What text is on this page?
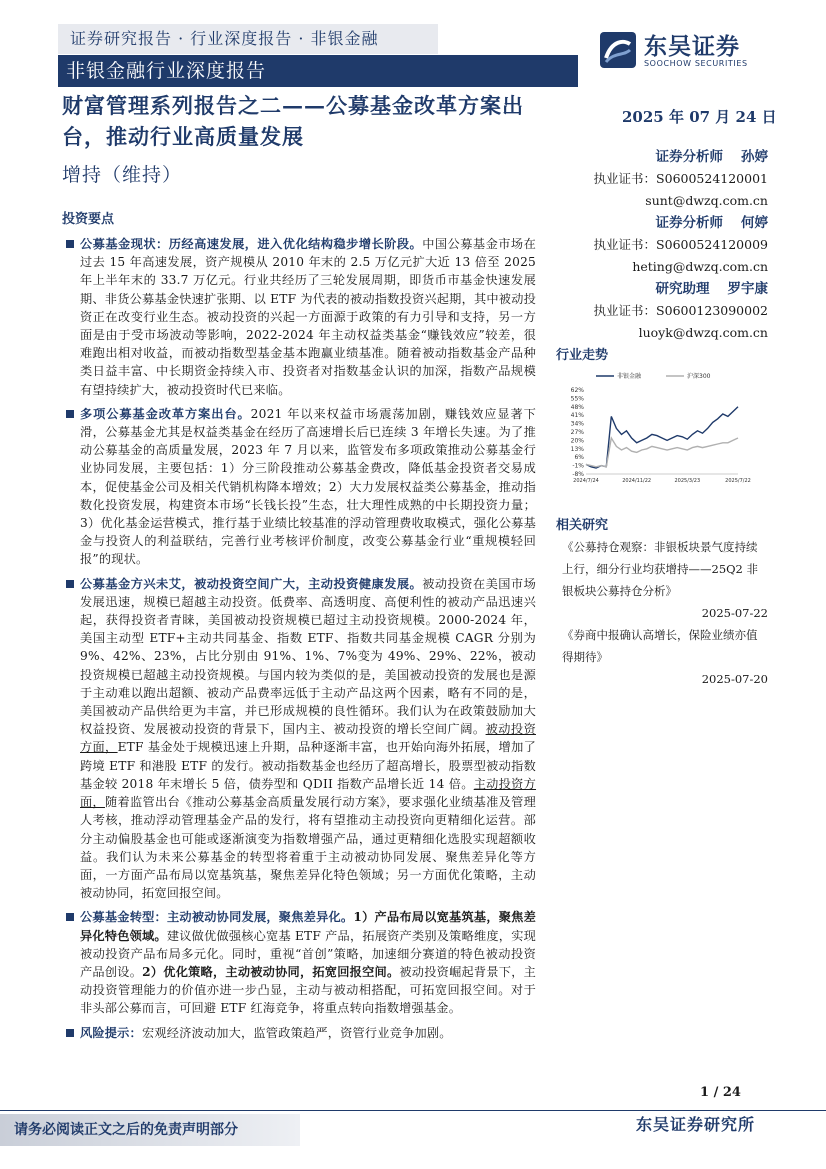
证券研究报告 · 行业深度报告 · 非银金融
非银金融行业深度报告
东吴证券
SOOCHOW SECURITIES
财富管理系列报告之二——公募基金改革方案出台，推动行业高质量发展
增持（维持）
2025 年 07 月 24 日
证券分析师 孙婷
执业证书：S0600524120001
sunt@dwzq.com.cn
证券分析师 何婷
执业证书：S0600524120009
heting@dwzq.com.cn
研究助理 罗宇康
执业证书：S0600123090002
luoyk@dwzq.com.cn
行业走势
62%
55%
48%
41%
34%
27%
20%
13%
6%
-1%
-8%
2024/7/24	2024/11/22	2025/3/23	2025/7/22
非银金融	沪深300
相关研究
《公募持仓观察：非银板块景气度持续上行，细分行业均获增持——25Q2 非银板块公募持仓分析》
2025-07-22
《券商中报确认高增长，保险业绩亦值得期待》
2025-07-20
投资要点
公募基金现状：历经高速发展，进入优化结构稳步增长阶段。中国公募基金市场在过去 15 年高速发展，资产规模从 2010 年末的 2.5 万亿元扩大近 13 倍至 2025 年上半年末的 33.7 万亿元。行业共经历了三轮发展周期，即货币市基金快速发展期、非货公募基金快速扩张期、以 ETF 为代表的被动指数投资兴起期，其中被动投资正在改变行业生态。被动投资的兴起一方面源于政策的有力引导和支持，另一方面是由于受市场波动等影响，2022-2024 年主动权益类基金“赚钱效应”较差，很难跑出相对收益，而被动指数型基金基本跑赢业绩基准。随着被动指数基金产品种类日益丰富、中长期资金持续入市、投资者对指数基金认识的加深，指数产品规模有望持续扩大，被动投资时代已来临。
多项公募基金改革方案出台。2021 年以来权益市场震荡加剧，赚钱效应显著下滑，公募基金尤其是权益类基金在经历了高速增长后已连续 3 年增长失速。为了推动公募基金的高质量发展，2023 年 7 月以来，监管发布多项政策推动公募基金行业协同发展，主要包括：1）分三阶段推动公募基金费改，降低基金投资者交易成本，促使基金公司及相关代销机构降本增效；2）大力发展权益类公募基金，推动指数化投资发展，构建资本市场“长钱长投”生态，壮大理性成熟的中长期投资力量；3）优化基金运营模式，推行基于业绩比较基准的浮动管理费收取模式，强化公募基金与投资人的利益联结，完善行业考核评价制度，改变公募基金行业“重规模轻回报”的现状。
公募基金方兴未艾，被动投资空间广大，主动投资健康发展。被动投资在美国市场发展迅速，规模已超越主动投资。低费率、高透明度、高便利性的被动产品迅速兴起，获得投资者青睐，美国被动投资规模已超过主动投资规模。2000-2024 年，美国主动型 ETF+主动共同基金、指数 ETF、指数共同基金规模 CAGR 分别为 9%、42%、23%，占比分别由 91%、1%、7%变为 49%、29%、22%，被动投资规模已超越主动投资规模。与国内较为类似的是，美国被动投资的发展也是源于主动难以跑出超额、被动产品费率远低于主动产品这两个因素，略有不同的是，美国被动产品供给更为丰富，并已形成规模的良性循环。我们认为在政策鼓励加大权益投资、发展被动投资的背景下，国内主、被动投资的增长空间广阔。被动投资方面，ETF 基金处于规模迅速上升期，品种逐渐丰富，也开始向海外拓展，增加了跨境 ETF 和港股 ETF 的发行。被动指数基金也经历了超高增长，股票型被动指数基金较 2018 年末增长 5 倍，债券型和 QDII 指数产品增长近 14 倍。主动投资方面，随着监管出台《推动公募基金高质量发展行动方案》，要求强化业绩基准及管理人考核，推动浮动管理基金产品的发行，将有望推动主动投资向更精细化运营。部分主动偏股基金也可能或逐渐演变为指数增强产品，通过更精细化选股实现超额收益。我们认为未来公募基金的转型将着重于主动被动协同发展、聚焦差异化等方面，一方面产品布局以宽基筑基，聚焦差异化特色领域；另一方面优化策略，主动被动协同，拓宽回报空间。
公募基金转型：主动被动协同发展，聚焦差异化。1）产品布局以宽基筑基，聚焦差异化特色领域。建议做优做强核心宽基 ETF 产品，拓展资产类别及策略维度，实现被动投资产品布局多元化。同时，重视“首创”策略，加速细分赛道的特色被动投资产品创设。2）优化策略，主动被动协同，拓宽回报空间。被动投资崛起背景下，主动投资管理能力的价值亦进一步凸显，主动与被动相搭配，可拓宽回报空间。对于非头部公募而言，可回避 ETF 红海竞争，将重点转向指数增强基金。
风险提示：宏观经济波动加大，监管政策趋严，资管行业竞争加剧。
1 / 24
请务必阅读正文之后的免责声明部分	东吴证券研究所
